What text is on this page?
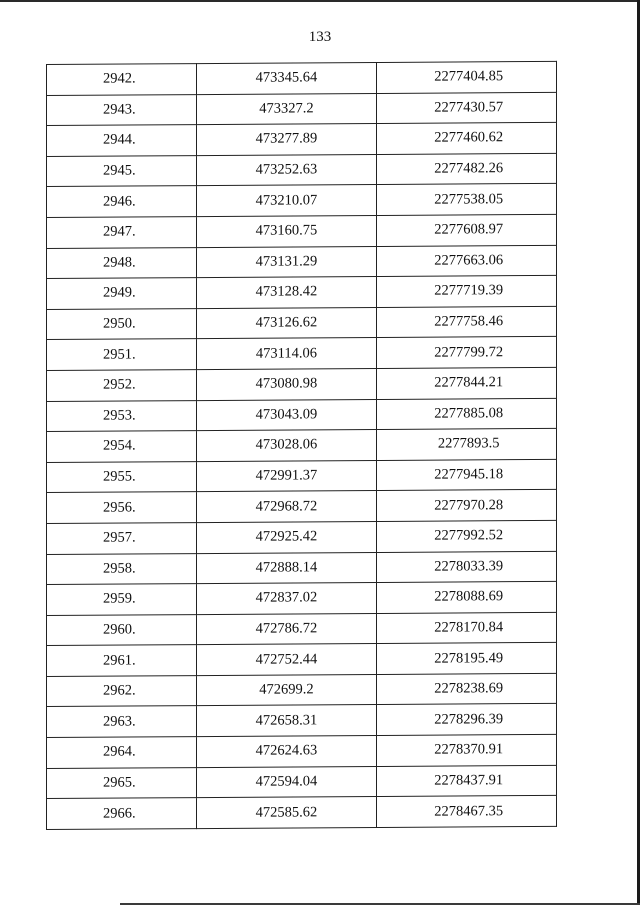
133
2942.	473345.64	2277404.85
2943.	473327.2	2277430.57
2944.	473277.89	2277460.62
2945.	473252.63	2277482.26
2946.	473210.07	2277538.05
2947.	473160.75	2277608.97
2948.	473131.29	2277663.06
2949.	473128.42	2277719.39
2950.	473126.62	2277758.46
2951.	473114.06	2277799.72
2952.	473080.98	2277844.21
2953.	473043.09	2277885.08
2954.	473028.06	2277893.5
2955.	472991.37	2277945.18
2956.	472968.72	2277970.28
2957.	472925.42	2277992.52
2958.	472888.14	2278033.39
2959.	472837.02	2278088.69
2960.	472786.72	2278170.84
2961.	472752.44	2278195.49
2962.	472699.2	2278238.69
2963.	472658.31	2278296.39
2964.	472624.63	2278370.91
2965.	472594.04	2278437.91
2966.	472585.62	2278467.35
